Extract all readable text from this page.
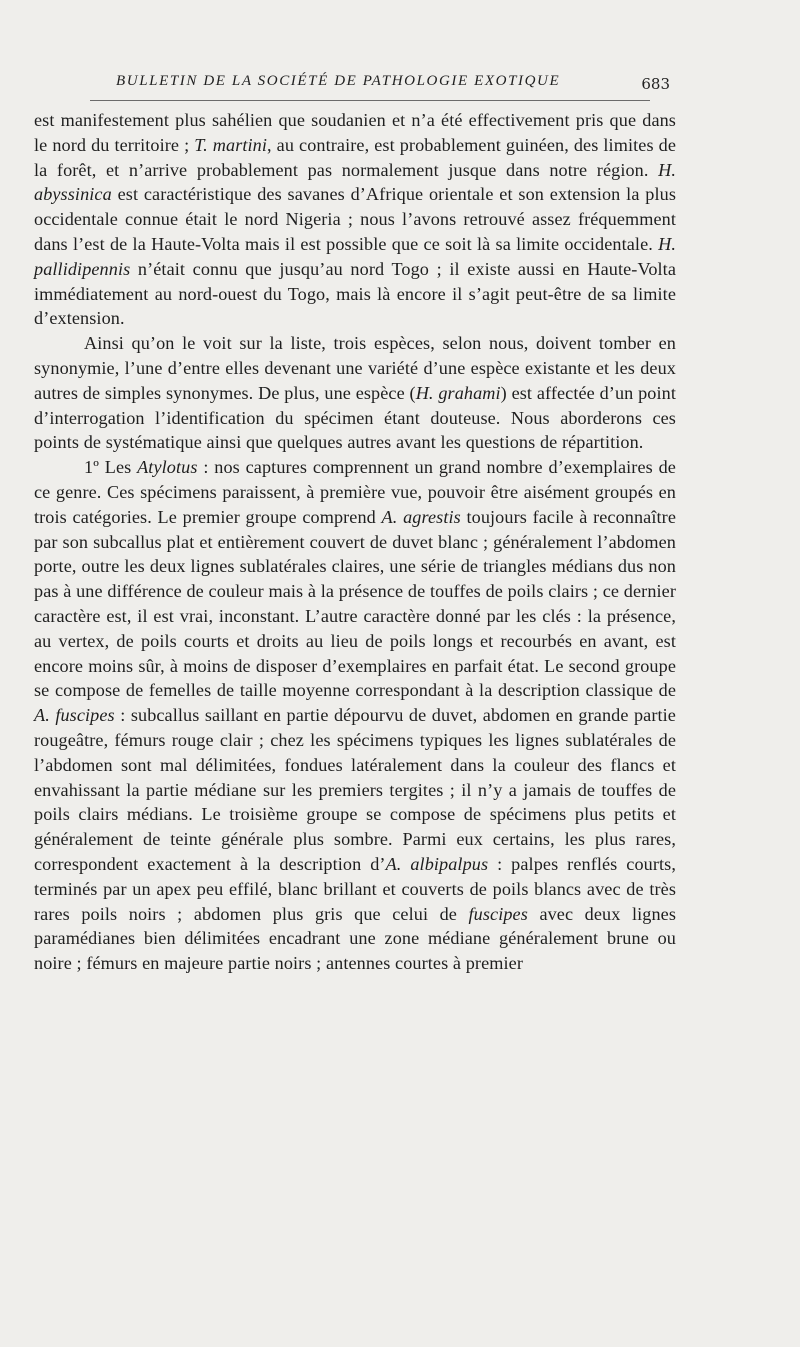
BULLETIN DE LA SOCIÉTÉ DE PATHOLOGIE EXOTIQUE	683

est manifestement plus sahélien que soudanien et n’a été effectivement pris que dans le nord du territoire ; T. martini, au contraire, est probablement guinéen, des limites de la forêt, et n’arrive probablement pas normalement jusque dans notre région. H. abyssinica est caractéristique des savanes d’Afrique orientale et son extension la plus occidentale connue était le nord Nigeria ; nous l’avons retrouvé assez fréquemment dans l’est de la Haute-Volta mais il est possible que ce soit là sa limite occidentale. H. pallidipennis n’était connu que jusqu’au nord Togo ; il existe aussi en Haute-Volta immédiatement au nord-ouest du Togo, mais là encore il s’agit peut-être de sa limite d’extension.

Ainsi qu’on le voit sur la liste, trois espèces, selon nous, doivent tomber en synonymie, l’une d’entre elles devenant une variété d’une espèce existante et les deux autres de simples synonymes. De plus, une espèce (H. grahami) est affectée d’un point d’interrogation l’identification du spécimen étant douteuse. Nous aborderons ces points de systématique ainsi que quelques autres avant les questions de répartition.

1º Les Atylotus : nos captures comprennent un grand nombre d’exemplaires de ce genre. Ces spécimens paraissent, à première vue, pouvoir être aisément groupés en trois catégories. Le premier groupe comprend A. agrestis toujours facile à reconnaître par son subcallus plat et entièrement couvert de duvet blanc ; généralement l’abdomen porte, outre les deux lignes sublatérales claires, une série de triangles médians dus non pas à une différence de couleur mais à la présence de touffes de poils clairs ; ce dernier caractère est, il est vrai, inconstant. L’autre caractère donné par les clés : la présence, au vertex, de poils courts et droits au lieu de poils longs et recourbés en avant, est encore moins sûr, à moins de disposer d’exemplaires en parfait état. Le second groupe se compose de femelles de taille moyenne correspondant à la description classique de A. fuscipes : subcallus saillant en partie dépourvu de duvet, abdomen en grande partie rougeâtre, fémurs rouge clair ; chez les spécimens typiques les lignes sublatérales de l’abdomen sont mal délimitées, fondues latéralement dans la couleur des flancs et envahissant la partie médiane sur les premiers tergites ; il n’y a jamais de touffes de poils clairs médians. Le troisième groupe se compose de spécimens plus petits et généralement de teinte générale plus sombre. Parmi eux certains, les plus rares, correspondent exactement à la description d’A. albipalpus : palpes renflés courts, terminés par un apex peu effilé, blanc brillant et couverts de poils blancs avec de très rares poils noirs ; abdomen plus gris que celui de fuscipes avec deux lignes paramédianes bien délimitées encadrant une zone médiane généralement brune ou noire ; fémurs en majeure partie noirs ; antennes courtes à premier
